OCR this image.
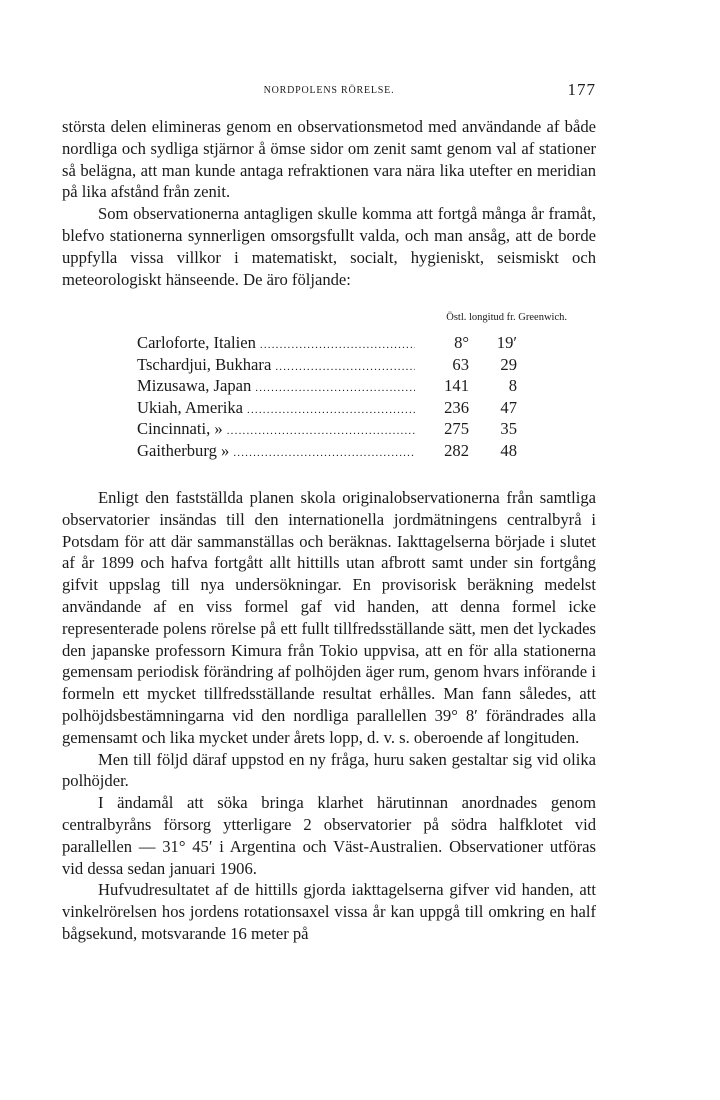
NORDPOLENS RÖRELSE.	177

största delen elimineras genom en observationsmetod med användande af både nordliga och sydliga stjärnor å ömse sidor om zenit samt genom val af stationer så belägna, att man kunde antaga refraktionen vara nära lika utefter en meridian på lika afstånd från zenit.

Som observationerna antagligen skulle komma att fortgå många år framåt, blefvo stationerna synnerligen omsorgsfullt valda, och man ansåg, att de borde uppfylla vissa villkor i matematiskt, socialt, hygieniskt, seismiskt och meteorologiskt hänseende. De äro följande:

Östl. longitud fr. Greenwich.
Carloforte, Italien .....	8°	19′
Tschardjui, Bukhara .....	63	29
Mizusawa, Japan .....	141	8
Ukiah, Amerika .....	236	47
Cincinnati, » .....	275	35
Gaitherburg » .....	282	48

Enligt den fastställda planen skola originalobservationerna från samtliga observatorier insändas till den internationella jordmätningens centralbyrå i Potsdam för att där sammanställas och beräknas. Iakttagelserna började i slutet af år 1899 och hafva fortgått allt hittills utan afbrott samt under sin fortgång gifvit uppslag till nya undersökningar. En provisorisk beräkning medelst användande af en viss formel gaf vid handen, att denna formel icke representerade polens rörelse på ett fullt tillfredsställande sätt, men det lyckades den japanske professorn Kimura från Tokio uppvisa, att en för alla stationerna gemensam periodisk förändring af polhöjden äger rum, genom hvars införande i formeln ett mycket tillfredsställande resultat erhålles. Man fann således, att polhöjdsbestämningarna vid den nordliga parallellen 39° 8′ förändrades alla gemensamt och lika mycket under årets lopp, d. v. s. oberoende af longituden.

Men till följd däraf uppstod en ny fråga, huru saken gestaltar sig vid olika polhöjder.

I ändamål att söka bringa klarhet härutinnan anordnades genom centralbyråns försorg ytterligare 2 observatorier på södra halfklotet vid parallellen — 31° 45′ i Argentina och Väst-Australien. Observationer utföras vid dessa sedan januari 1906.

Hufvudresultatet af de hittills gjorda iakttagelserna gifver vid handen, att vinkelrörelsen hos jordens rotationsaxel vissa år kan uppgå till omkring en half bågsekund, motsvarande 16 meter på
